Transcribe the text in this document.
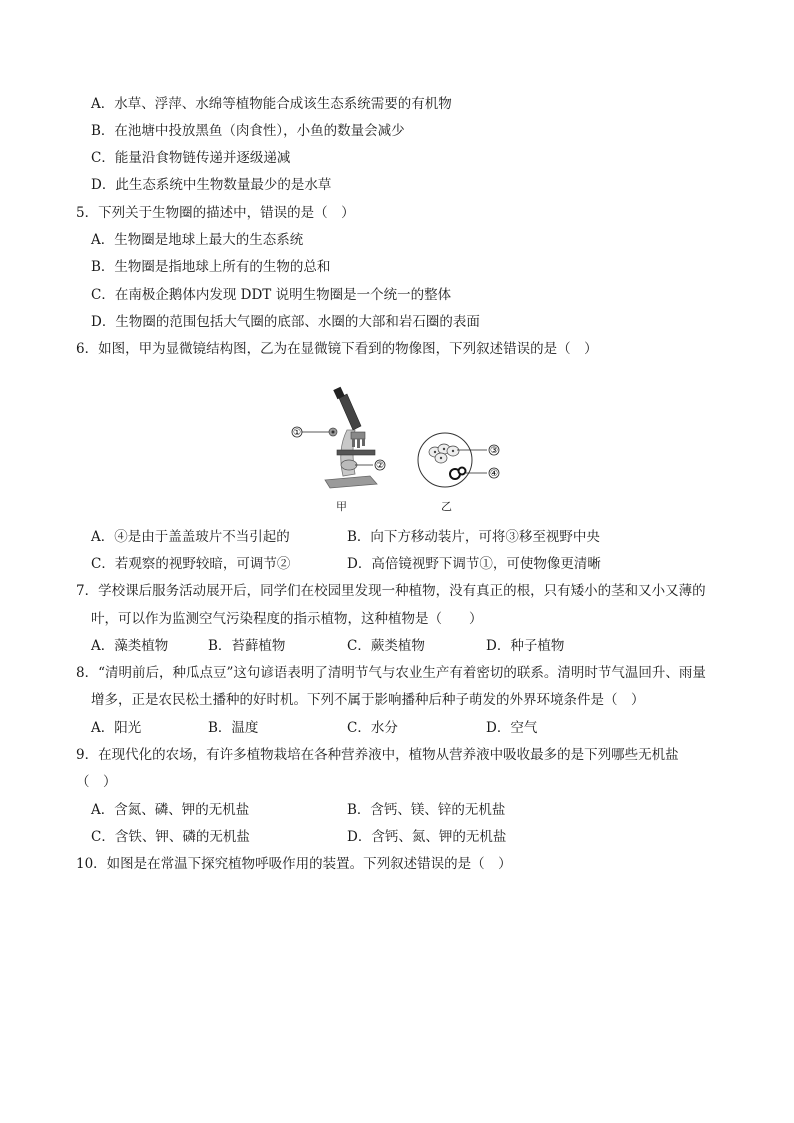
A．水草、浮萍、水绵等植物能合成该生态系统需要的有机物
B．在池塘中投放黑鱼（肉食性），小鱼的数量会减少
C．能量沿食物链传递并逐级递减
D．此生态系统中生物数量最少的是水草
5．下列关于生物圈的描述中，错误的是（　）
A．生物圈是地球上最大的生态系统
B．生物圈是指地球上所有的生物的总和
C．在南极企鹅体内发现 DDT 说明生物圈是一个统一的整体
D．生物圈的范围包括大气圈的底部、水圈的大部和岩石圈的表面
6．如图，甲为显微镜结构图，乙为在显微镜下看到的物像图，下列叙述错误的是（　）
①
②
③
④
甲	乙
A．④是由于盖盖玻片不当引起的	B．向下方移动装片，可将③移至视野中央
C．若观察的视野较暗，可调节②	D．高倍镜视野下调节①，可使物像更清晰
7．学校课后服务活动展开后，同学们在校园里发现一种植物，没有真正的根，只有矮小的茎和又小又薄的
叶，可以作为监测空气污染程度的指示植物，这种植物是（　　）
A．藻类植物	B．苔藓植物	C．蕨类植物	D．种子植物
8．“清明前后，种瓜点豆”这句谚语表明了清明节气与农业生产有着密切的联系。清明时节气温回升、雨量
增多，正是农民松土播种的好时机。下列不属于影响播种后种子萌发的外界环境条件是（　）
A．阳光	B．温度	C．水分	D．空气
9．在现代化的农场，有许多植物栽培在各种营养液中，植物从营养液中吸收最多的是下列哪些无机盐
（　）
A．含氮、磷、钾的无机盐	B．含钙、镁、锌的无机盐
C．含铁、钾、磷的无机盐	D．含钙、氮、钾的无机盐
10．如图是在常温下探究植物呼吸作用的装置。下列叙述错误的是（　）
